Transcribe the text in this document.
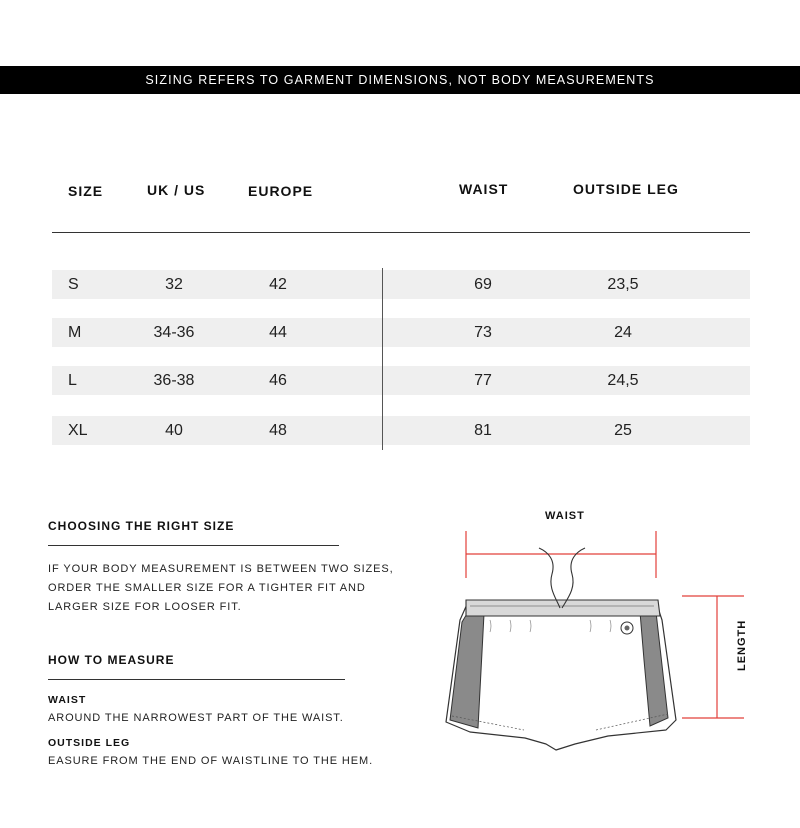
SIZING REFERS TO GARMENT DIMENSIONS, NOT BODY MEASUREMENTS
SIZE	UK / US	EUROPE	WAIST	OUTSIDE LEG
S	32	42	69	23,5
M	34-36	44	73	24
L	36-38	46	77	24,5
XL	40	48	81	25
CHOOSING THE RIGHT SIZE
IF YOUR BODY MEASUREMENT IS BETWEEN TWO SIZES,
ORDER THE SMALLER SIZE FOR A TIGHTER FIT AND
LARGER SIZE FOR LOOSER FIT.
HOW TO MEASURE
WAIST
AROUND THE NARROWEST PART OF THE WAIST.
OUTSIDE LEG
EASURE FROM THE END OF WAISTLINE TO THE HEM.
WAIST
LENGTH
